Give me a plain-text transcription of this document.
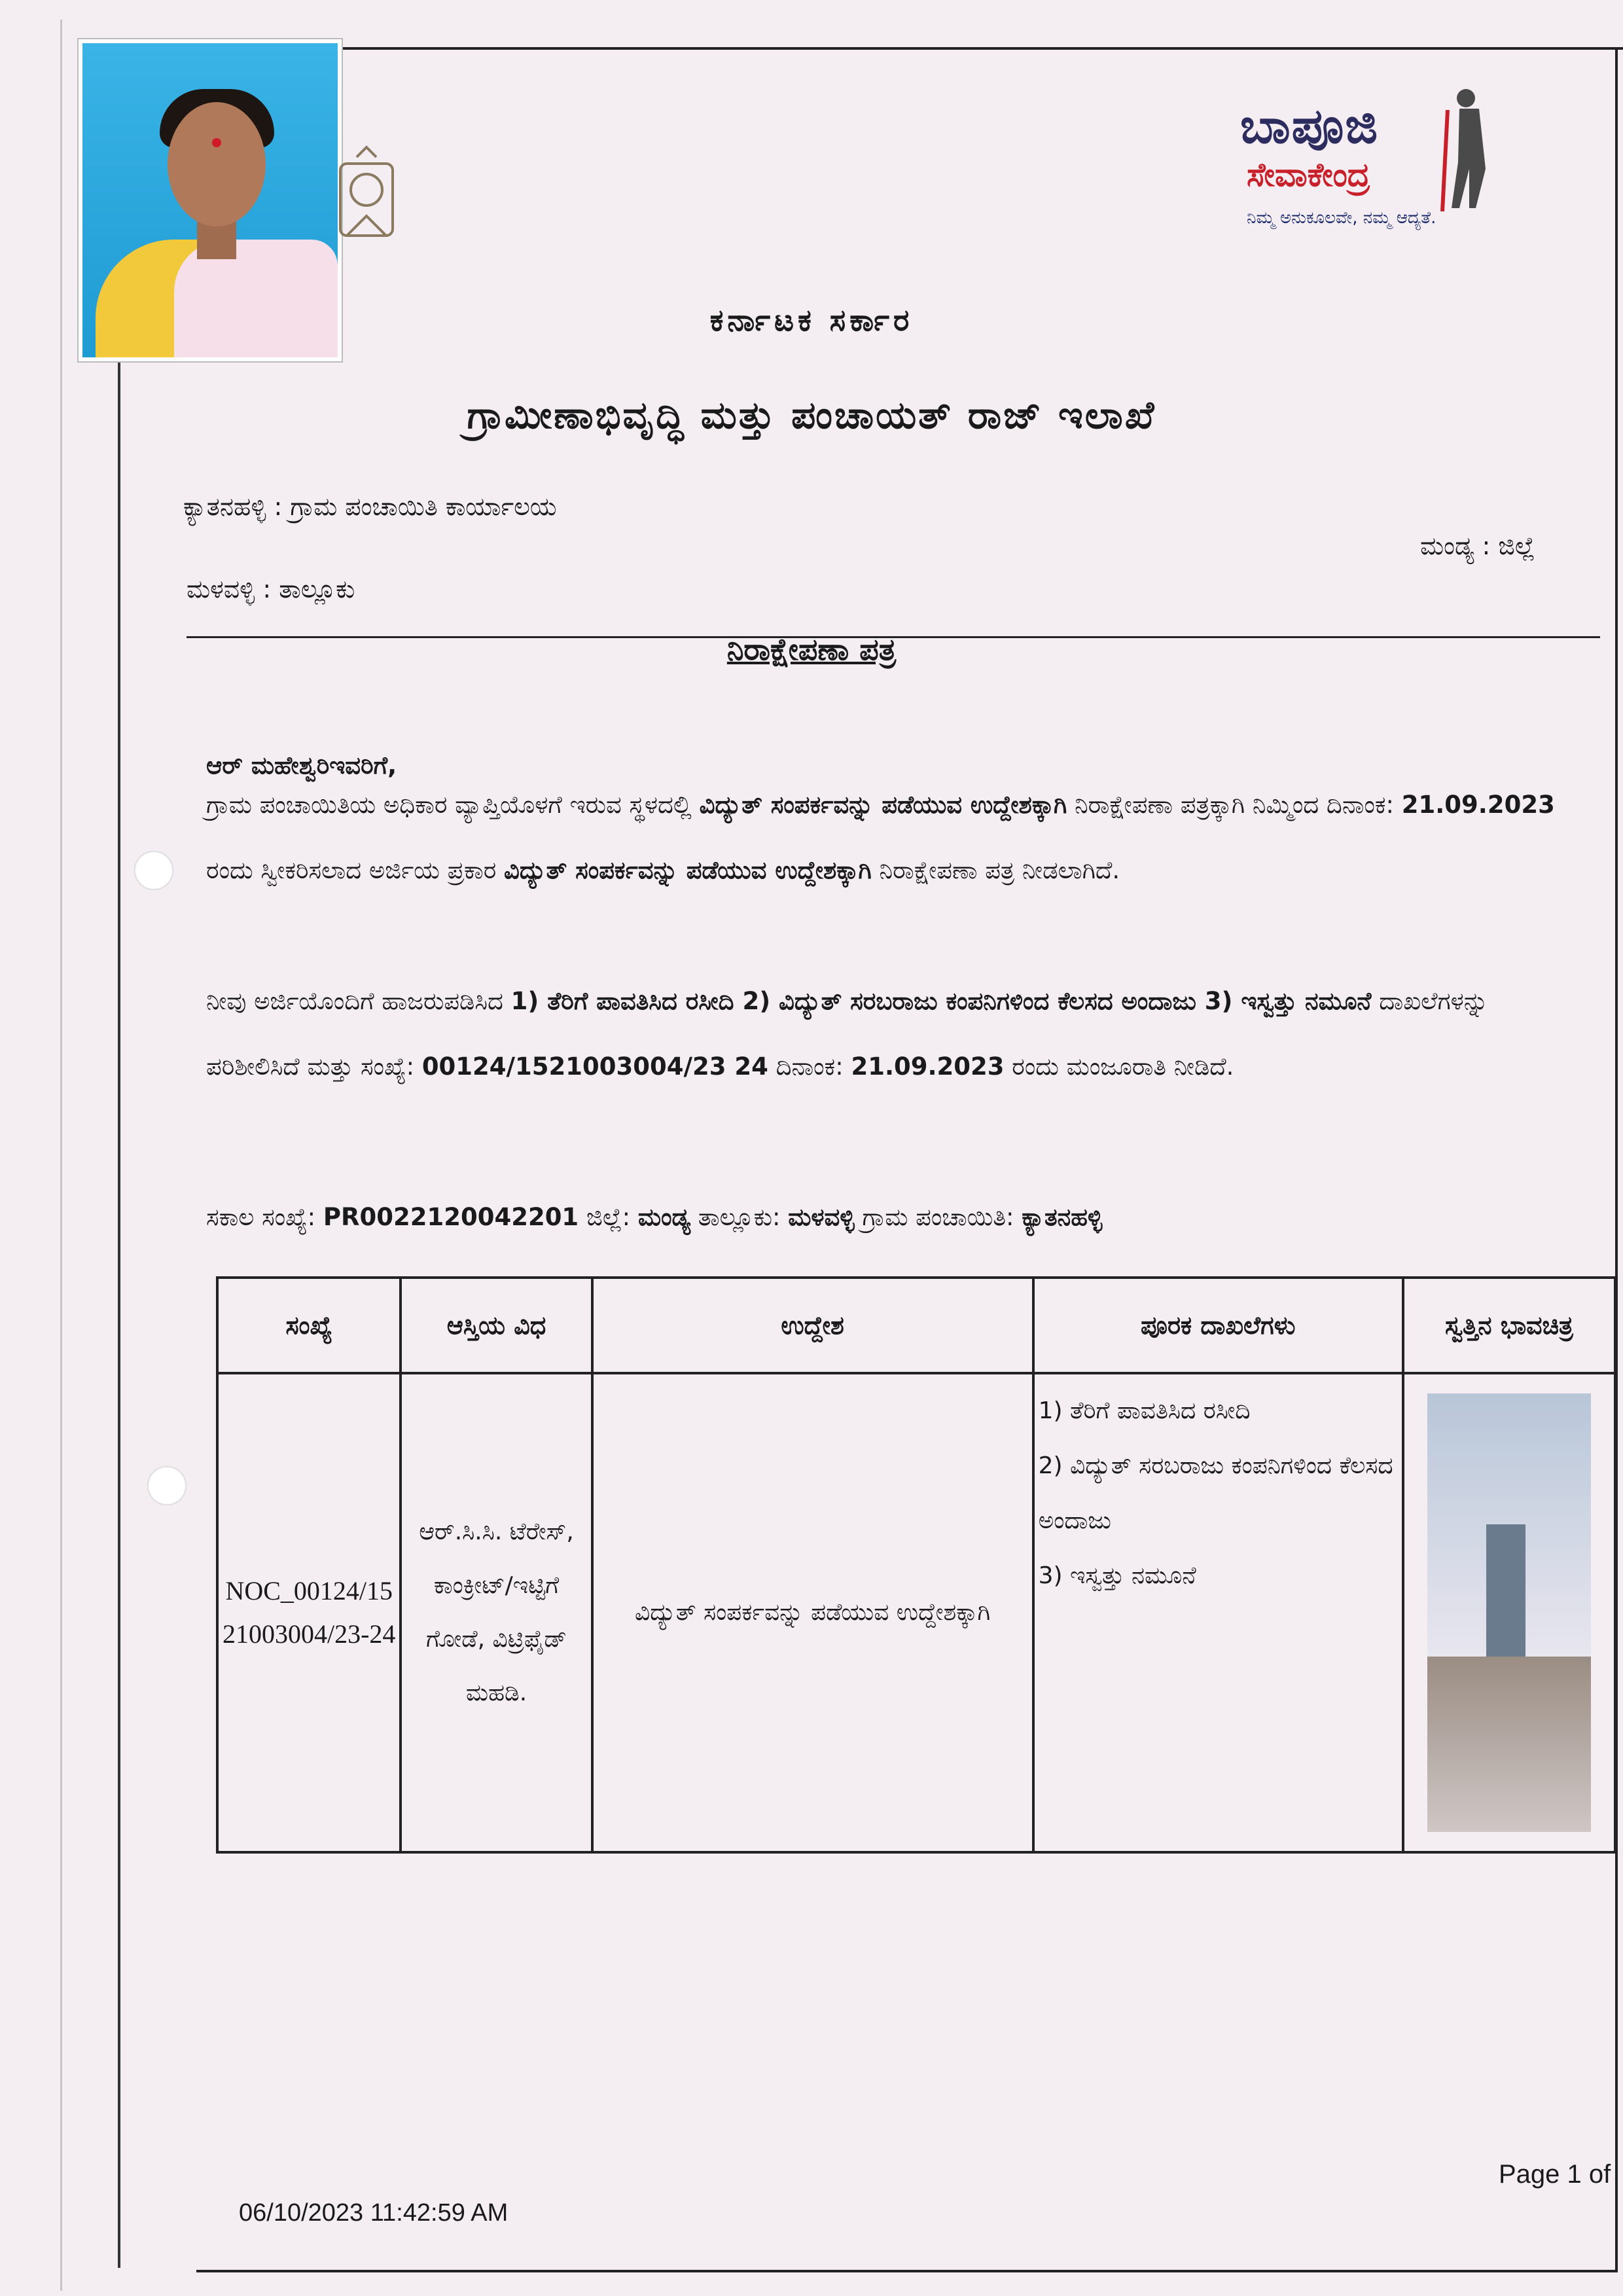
ಬಾಪೂಜಿ
ಸೇವಾಕೇಂದ್ರ
ನಿಮ್ಮ ಅನುಕೂಲವೇ, ನಮ್ಮ ಆದ್ಯತೆ.
ಕರ್ನಾಟಕ ಸರ್ಕಾರ
ಗ್ರಾಮೀಣಾಭಿವೃದ್ಧಿ ಮತ್ತು ಪಂಚಾಯತ್ ರಾಜ್ ಇಲಾಖೆ
ಕ್ಯಾತನಹಳ್ಳಿ : ಗ್ರಾಮ ಪಂಚಾಯಿತಿ ಕಾರ್ಯಾಲಯ
ಮಂಡ್ಯ : ಜಿಲ್ಲೆ
ಮಳವಳ್ಳಿ : ತಾಲ್ಲೂಕು
ನಿರಾಕ್ಷೇಪಣಾ ಪತ್ರ
ಆರ್ ಮಹೇಶ್ವರಿಇವರಿಗೆ,
ಗ್ರಾಮ ಪಂಚಾಯಿತಿಯ ಅಧಿಕಾರ ವ್ಯಾಪ್ತಿಯೊಳಗೆ ಇರುವ ಸ್ಥಳದಲ್ಲಿ ವಿದ್ಯುತ್ ಸಂಪರ್ಕವನ್ನು ಪಡೆಯುವ ಉದ್ದೇಶಕ್ಕಾಗಿ ನಿರಾಕ್ಷೇಪಣಾ ಪತ್ರಕ್ಕಾಗಿ ನಿಮ್ಮಿಂದ ದಿನಾಂಕ: 21.09.2023 ರಂದು ಸ್ವೀಕರಿಸಲಾದ ಅರ್ಜಿಯ ಪ್ರಕಾರ ವಿದ್ಯುತ್ ಸಂಪರ್ಕವನ್ನು ಪಡೆಯುವ ಉದ್ದೇಶಕ್ಕಾಗಿ ನಿರಾಕ್ಷೇಪಣಾ ಪತ್ರ ನೀಡಲಾಗಿದೆ.
ನೀವು ಅರ್ಜಿಯೊಂದಿಗೆ ಹಾಜರುಪಡಿಸಿದ 1) ತೆರಿಗೆ ಪಾವತಿಸಿದ ರಸೀದಿ 2) ವಿದ್ಯುತ್ ಸರಬರಾಜು ಕಂಪನಿಗಳಿಂದ ಕೆಲಸದ ಅಂದಾಜು 3) ಇಸ್ವತ್ತು ನಮೂನೆ ದಾಖಲೆಗಳನ್ನು ಪರಿಶೀಲಿಸಿದೆ ಮತ್ತು ಸಂಖ್ಯೆ: 00124/1521003004/23 24 ದಿನಾಂಕ: 21.09.2023 ರಂದು ಮಂಜೂರಾತಿ ನೀಡಿದೆ.
ಸಕಾಲ ಸಂಖ್ಯೆ: PR0022120042201 ಜಿಲ್ಲೆ: ಮಂಡ್ಯ ತಾಲ್ಲೂಕು: ಮಳವಳ್ಳಿ ಗ್ರಾಮ ಪಂಚಾಯಿತಿ: ಕ್ಯಾತನಹಳ್ಳಿ
ಸಂಖ್ಯೆ	ಆಸ್ತಿಯ ವಿಧ	ಉದ್ದೇಶ	ಪೂರಕ ದಾಖಲೆಗಳು	ಸ್ವತ್ತಿನ ಭಾವಚಿತ್ರ
NOC_00124/1521003004/23-24	ಆರ್.ಸಿ.ಸಿ. ಟೆರೇಸ್, ಕಾಂಕ್ರೀಟ್/ಇಟ್ಟಿಗೆ ಗೋಡೆ, ವಿಟ್ರಿಫೈಡ್ ಮಹಡಿ.	ವಿದ್ಯುತ್ ಸಂಪರ್ಕವನ್ನು ಪಡೆಯುವ ಉದ್ದೇಶಕ್ಕಾಗಿ	1) ತೆರಿಗೆ ಪಾವತಿಸಿದ ರಸೀದಿ
2) ವಿದ್ಯುತ್ ಸರಬರಾಜು ಕಂಪನಿಗಳಿಂದ ಕೆಲಸದ ಅಂದಾಜು
3) ಇಸ್ವತ್ತು ನಮೂನೆ	

Page 1 of
06/10/2023 11:42:59 AM
